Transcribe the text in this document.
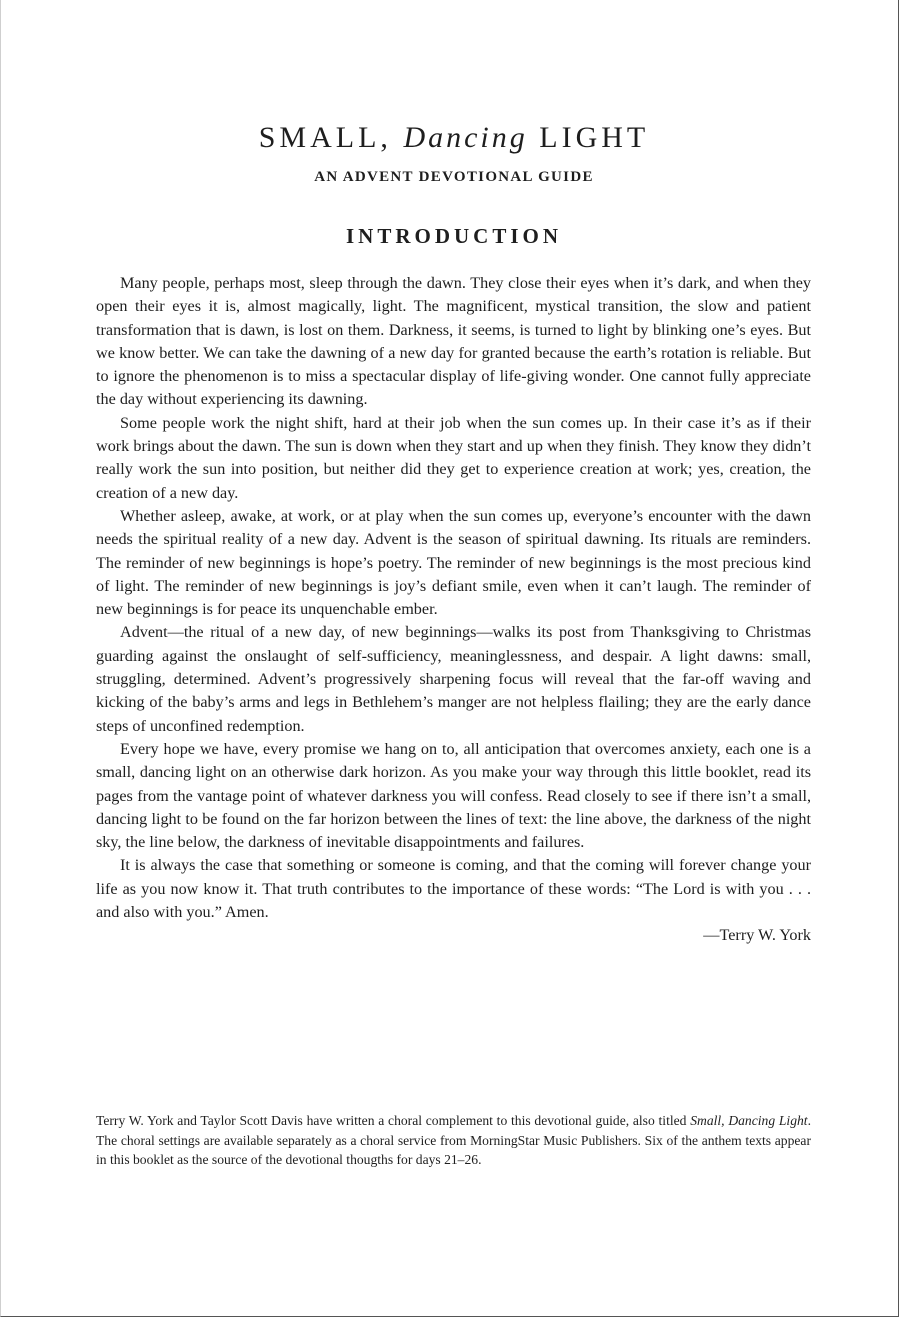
SMALL, Dancing LIGHT
AN ADVENT DEVOTIONAL GUIDE
INTRODUCTION

Many people, perhaps most, sleep through the dawn. They close their eyes when it’s dark, and when they open their eyes it is, almost magically, light. The magnificent, mystical transition, the slow and patient transformation that is dawn, is lost on them. Darkness, it seems, is turned to light by blinking one’s eyes. But we know better. We can take the dawning of a new day for granted because the earth’s rotation is reliable. But to ignore the phenomenon is to miss a spectacular display of life-giving wonder. One cannot fully appreciate the day without experiencing its dawning.

Some people work the night shift, hard at their job when the sun comes up. In their case it’s as if their work brings about the dawn. The sun is down when they start and up when they finish. They know they didn’t really work the sun into position, but neither did they get to experience creation at work; yes, creation, the creation of a new day.

Whether asleep, awake, at work, or at play when the sun comes up, everyone’s encounter with the dawn needs the spiritual reality of a new day. Advent is the season of spiritual dawning. Its rituals are reminders. The reminder of new beginnings is hope’s poetry. The reminder of new beginnings is the most precious kind of light. The reminder of new beginnings is joy’s defiant smile, even when it can’t laugh. The reminder of new beginnings is for peace its unquenchable ember.

Advent—the ritual of a new day, of new beginnings—walks its post from Thanksgiving to Christmas guarding against the onslaught of self-sufficiency, meaninglessness, and despair. A light dawns: small, struggling, determined. Advent’s progressively sharpening focus will reveal that the far-off waving and kicking of the baby’s arms and legs in Bethlehem’s manger are not helpless flailing; they are the early dance steps of unconfined redemption.

Every hope we have, every promise we hang on to, all anticipation that overcomes anxiety, each one is a small, dancing light on an otherwise dark horizon. As you make your way through this little booklet, read its pages from the vantage point of whatever darkness you will confess. Read closely to see if there isn’t a small, dancing light to be found on the far horizon between the lines of text: the line above, the darkness of the night sky, the line below, the darkness of inevitable disappointments and failures.

It is always the case that something or someone is coming, and that the coming will forever change your life as you now know it. That truth contributes to the importance of these words: “The Lord is with you . . . and also with you.” Amen.

—Terry W. York

Terry W. York and Taylor Scott Davis have written a choral complement to this devotional guide, also titled Small, Dancing Light. The choral settings are available separately as a choral service from MorningStar Music Publishers. Six of the anthem texts appear in this booklet as the source of the devotional thougths for days 21–26.
